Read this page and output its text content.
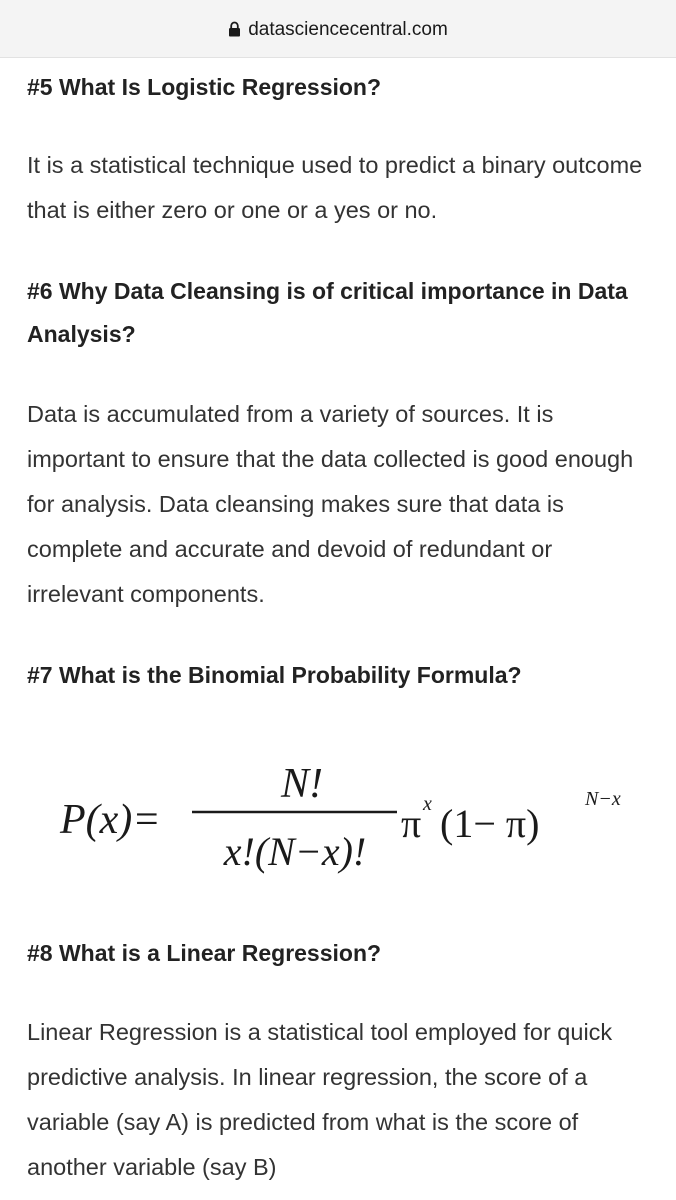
datasciencecentral.com
#5 What Is Logistic Regression?

It is a statistical technique used to predict a binary outcome that is either zero or one or a yes or no.

#6 Why Data Cleansing is of critical importance in Data Analysis?

Data is accumulated from a variety of sources. It is important to ensure that the data collected is good enough for analysis. Data cleansing makes sure that data is complete and accurate and devoid of redundant or irrelevant components.

#7 What is the Binomial Probability Formula?
#8 What is a Linear Regression?

Linear Regression is a statistical tool employed for quick predictive analysis. In linear regression, the score of a variable (say A) is predicted from what is the score of another variable (say B)

P(x)=
N!
x!(N−x)!
π x (1− π)
N−x
